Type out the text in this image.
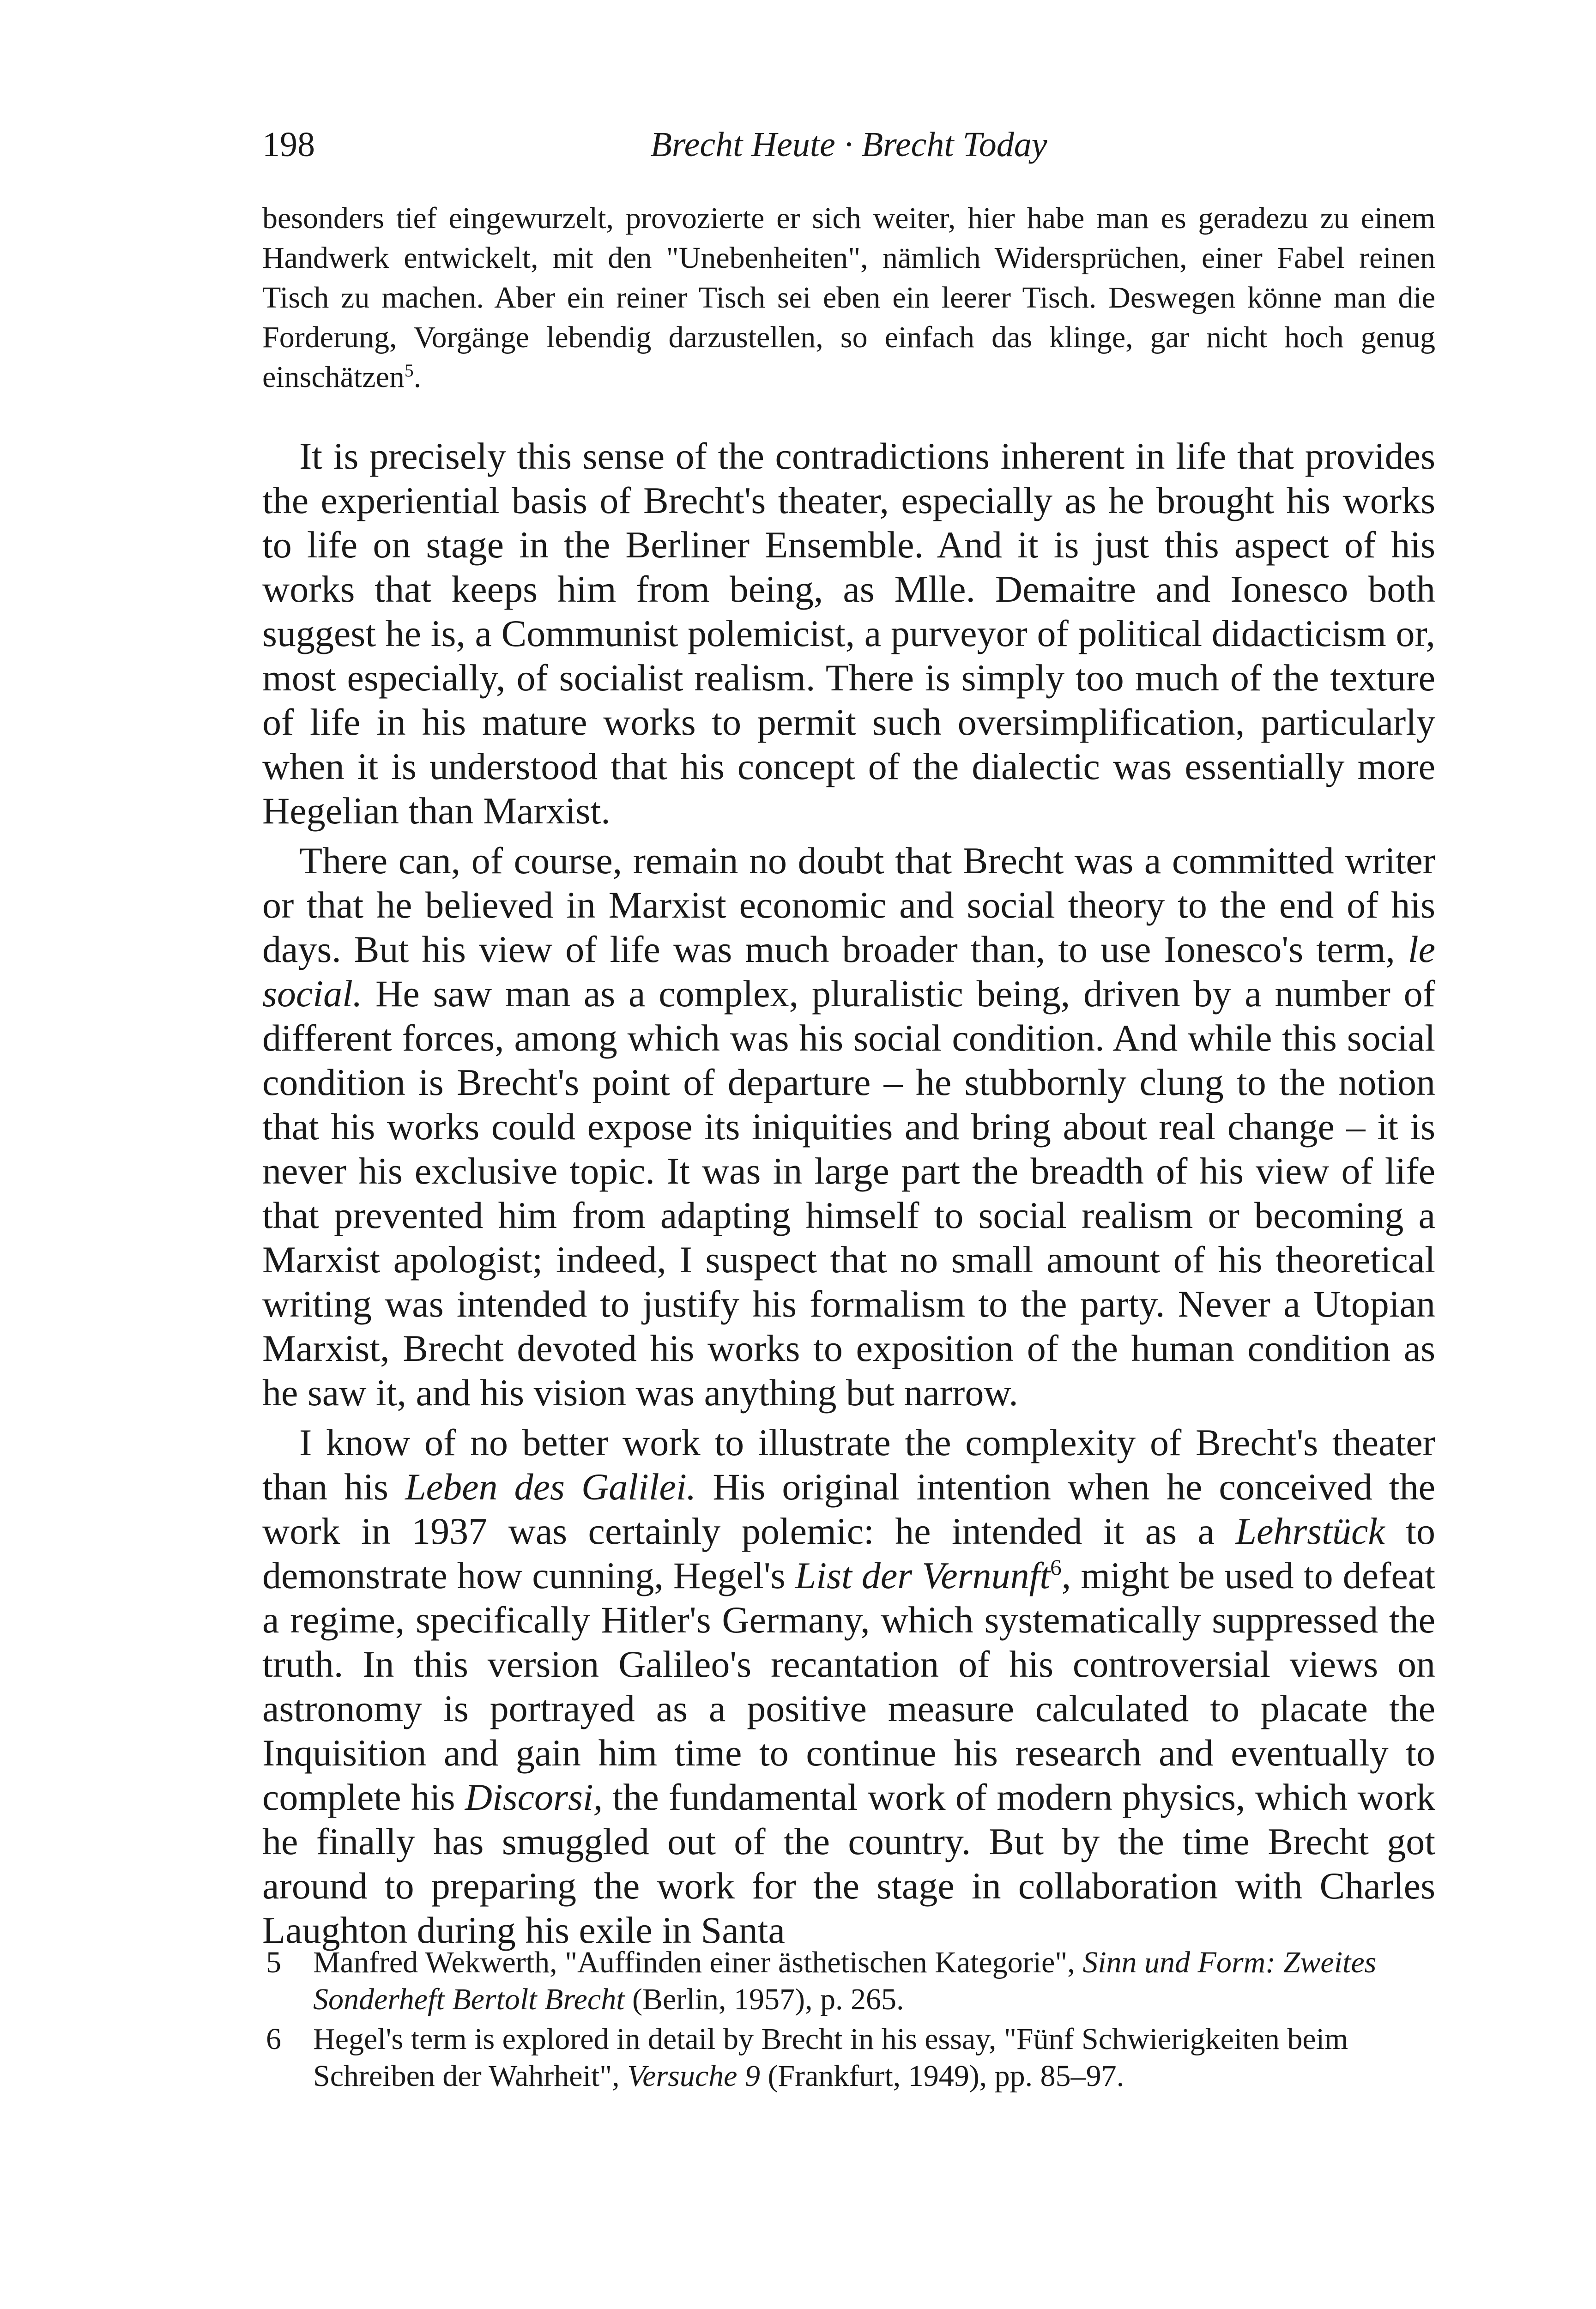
198	Brecht Heute · Brecht Today
besonders tief eingewurzelt, provozierte er sich weiter, hier habe man es geradezu zu einem Handwerk entwickelt, mit den "Unebenheiten", nämlich Widersprüchen, einer Fabel reinen Tisch zu machen. Aber ein reiner Tisch sei eben ein leerer Tisch. Deswegen könne man die Forderung, Vorgänge lebendig darzustellen, so einfach das klinge, gar nicht hoch genug einschätzen$^5$.

It is precisely this sense of the contradictions inherent in life that provides the experiential basis of Brecht's theater, especially as he brought his works to life on stage in the Berliner Ensemble. And it is just this aspect of his works that keeps him from being, as Mlle. Demaitre and Ionesco both suggest he is, a Communist polemicist, a purveyor of political didacticism or, most especially, of socialist realism. There is simply too much of the texture of life in his mature works to permit such oversimplification, particularly when it is understood that his concept of the dialectic was essentially more Hegelian than Marxist.

There can, of course, remain no doubt that Brecht was a committed writer or that he believed in Marxist economic and social theory to the end of his days. But his view of life was much broader than, to use Ionesco's term, le social. He saw man as a complex, pluralistic being, driven by a number of different forces, among which was his social condition. And while this social condition is Brecht's point of departure – he stubbornly clung to the notion that his works could expose its iniquities and bring about real change – it is never his exclusive topic. It was in large part the breadth of his view of life that prevented him from adapting himself to social realism or becoming a Marxist apologist; indeed, I suspect that no small amount of his theoretical writing was intended to justify his formalism to the party. Never a Utopian Marxist, Brecht devoted his works to exposition of the human condition as he saw it, and his vision was anything but narrow.

I know of no better work to illustrate the complexity of Brecht's theater than his Leben des Galilei. His original intention when he conceived the work in 1937 was certainly polemic: he intended it as a Lehrstück to demonstrate how cunning, Hegel's List der Vernunft$^6$, might be used to defeat a regime, specifically Hitler's Germany, which systematically suppressed the truth. In this version Galileo's recantation of his controversial views on astronomy is portrayed as a positive measure calculated to placate the Inquisition and gain him time to continue his research and eventually to complete his Discorsi, the fundamental work of modern physics, which work he finally has smuggled out of the country. But by the time Brecht got around to preparing the work for the stage in collaboration with Charles Laughton during his exile in Santa

5 Manfred Wekwerth, "Auffinden einer ästhetischen Kategorie", Sinn und Form: Zweites Sonderheft Bertolt Brecht (Berlin, 1957), p. 265.
6 Hegel's term is explored in detail by Brecht in his essay, "Fünf Schwierigkeiten beim Schreiben der Wahrheit", Versuche 9 (Frankfurt, 1949), pp. 85–97.
